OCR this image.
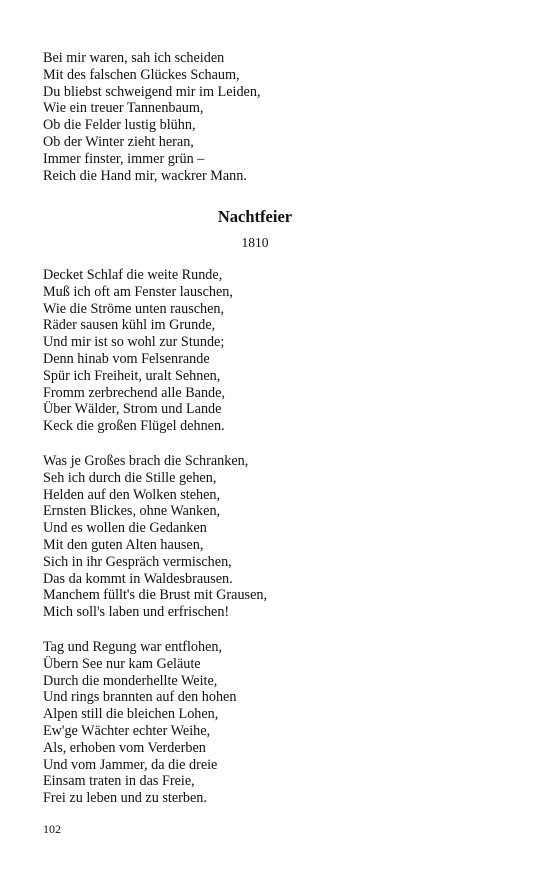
Bei mir waren, sah ich scheiden
Mit des falschen Glückes Schaum,
Du bliebst schweigend mir im Leiden,
Wie ein treuer Tannenbaum,
Ob die Felder lustig blühn,
Ob der Winter zieht heran,
Immer finster, immer grün –
Reich die Hand mir, wackrer Mann.
Nachtfeier
1810
Decket Schlaf die weite Runde,
Muß ich oft am Fenster lauschen,
Wie die Ströme unten rauschen,
Räder sausen kühl im Grunde,
Und mir ist so wohl zur Stunde;
Denn hinab vom Felsenrande
Spür ich Freiheit, uralt Sehnen,
Fromm zerbrechend alle Bande,
Über Wälder, Strom und Lande
Keck die großen Flügel dehnen.
Was je Großes brach die Schranken,
Seh ich durch die Stille gehen,
Helden auf den Wolken stehen,
Ernsten Blickes, ohne Wanken,
Und es wollen die Gedanken
Mit den guten Alten hausen,
Sich in ihr Gespräch vermischen,
Das da kommt in Waldesbrausen.
Manchem füllt's die Brust mit Grausen,
Mich soll's laben und erfrischen!
Tag und Regung war entflohen,
Übern See nur kam Geläute
Durch die monderhellte Weite,
Und rings brannten auf den hohen
Alpen still die bleichen Lohen,
Ew'ge Wächter echter Weihe,
Als, erhoben vom Verderben
Und vom Jammer, da die dreie
Einsam traten in das Freie,
Frei zu leben und zu sterben.
102
